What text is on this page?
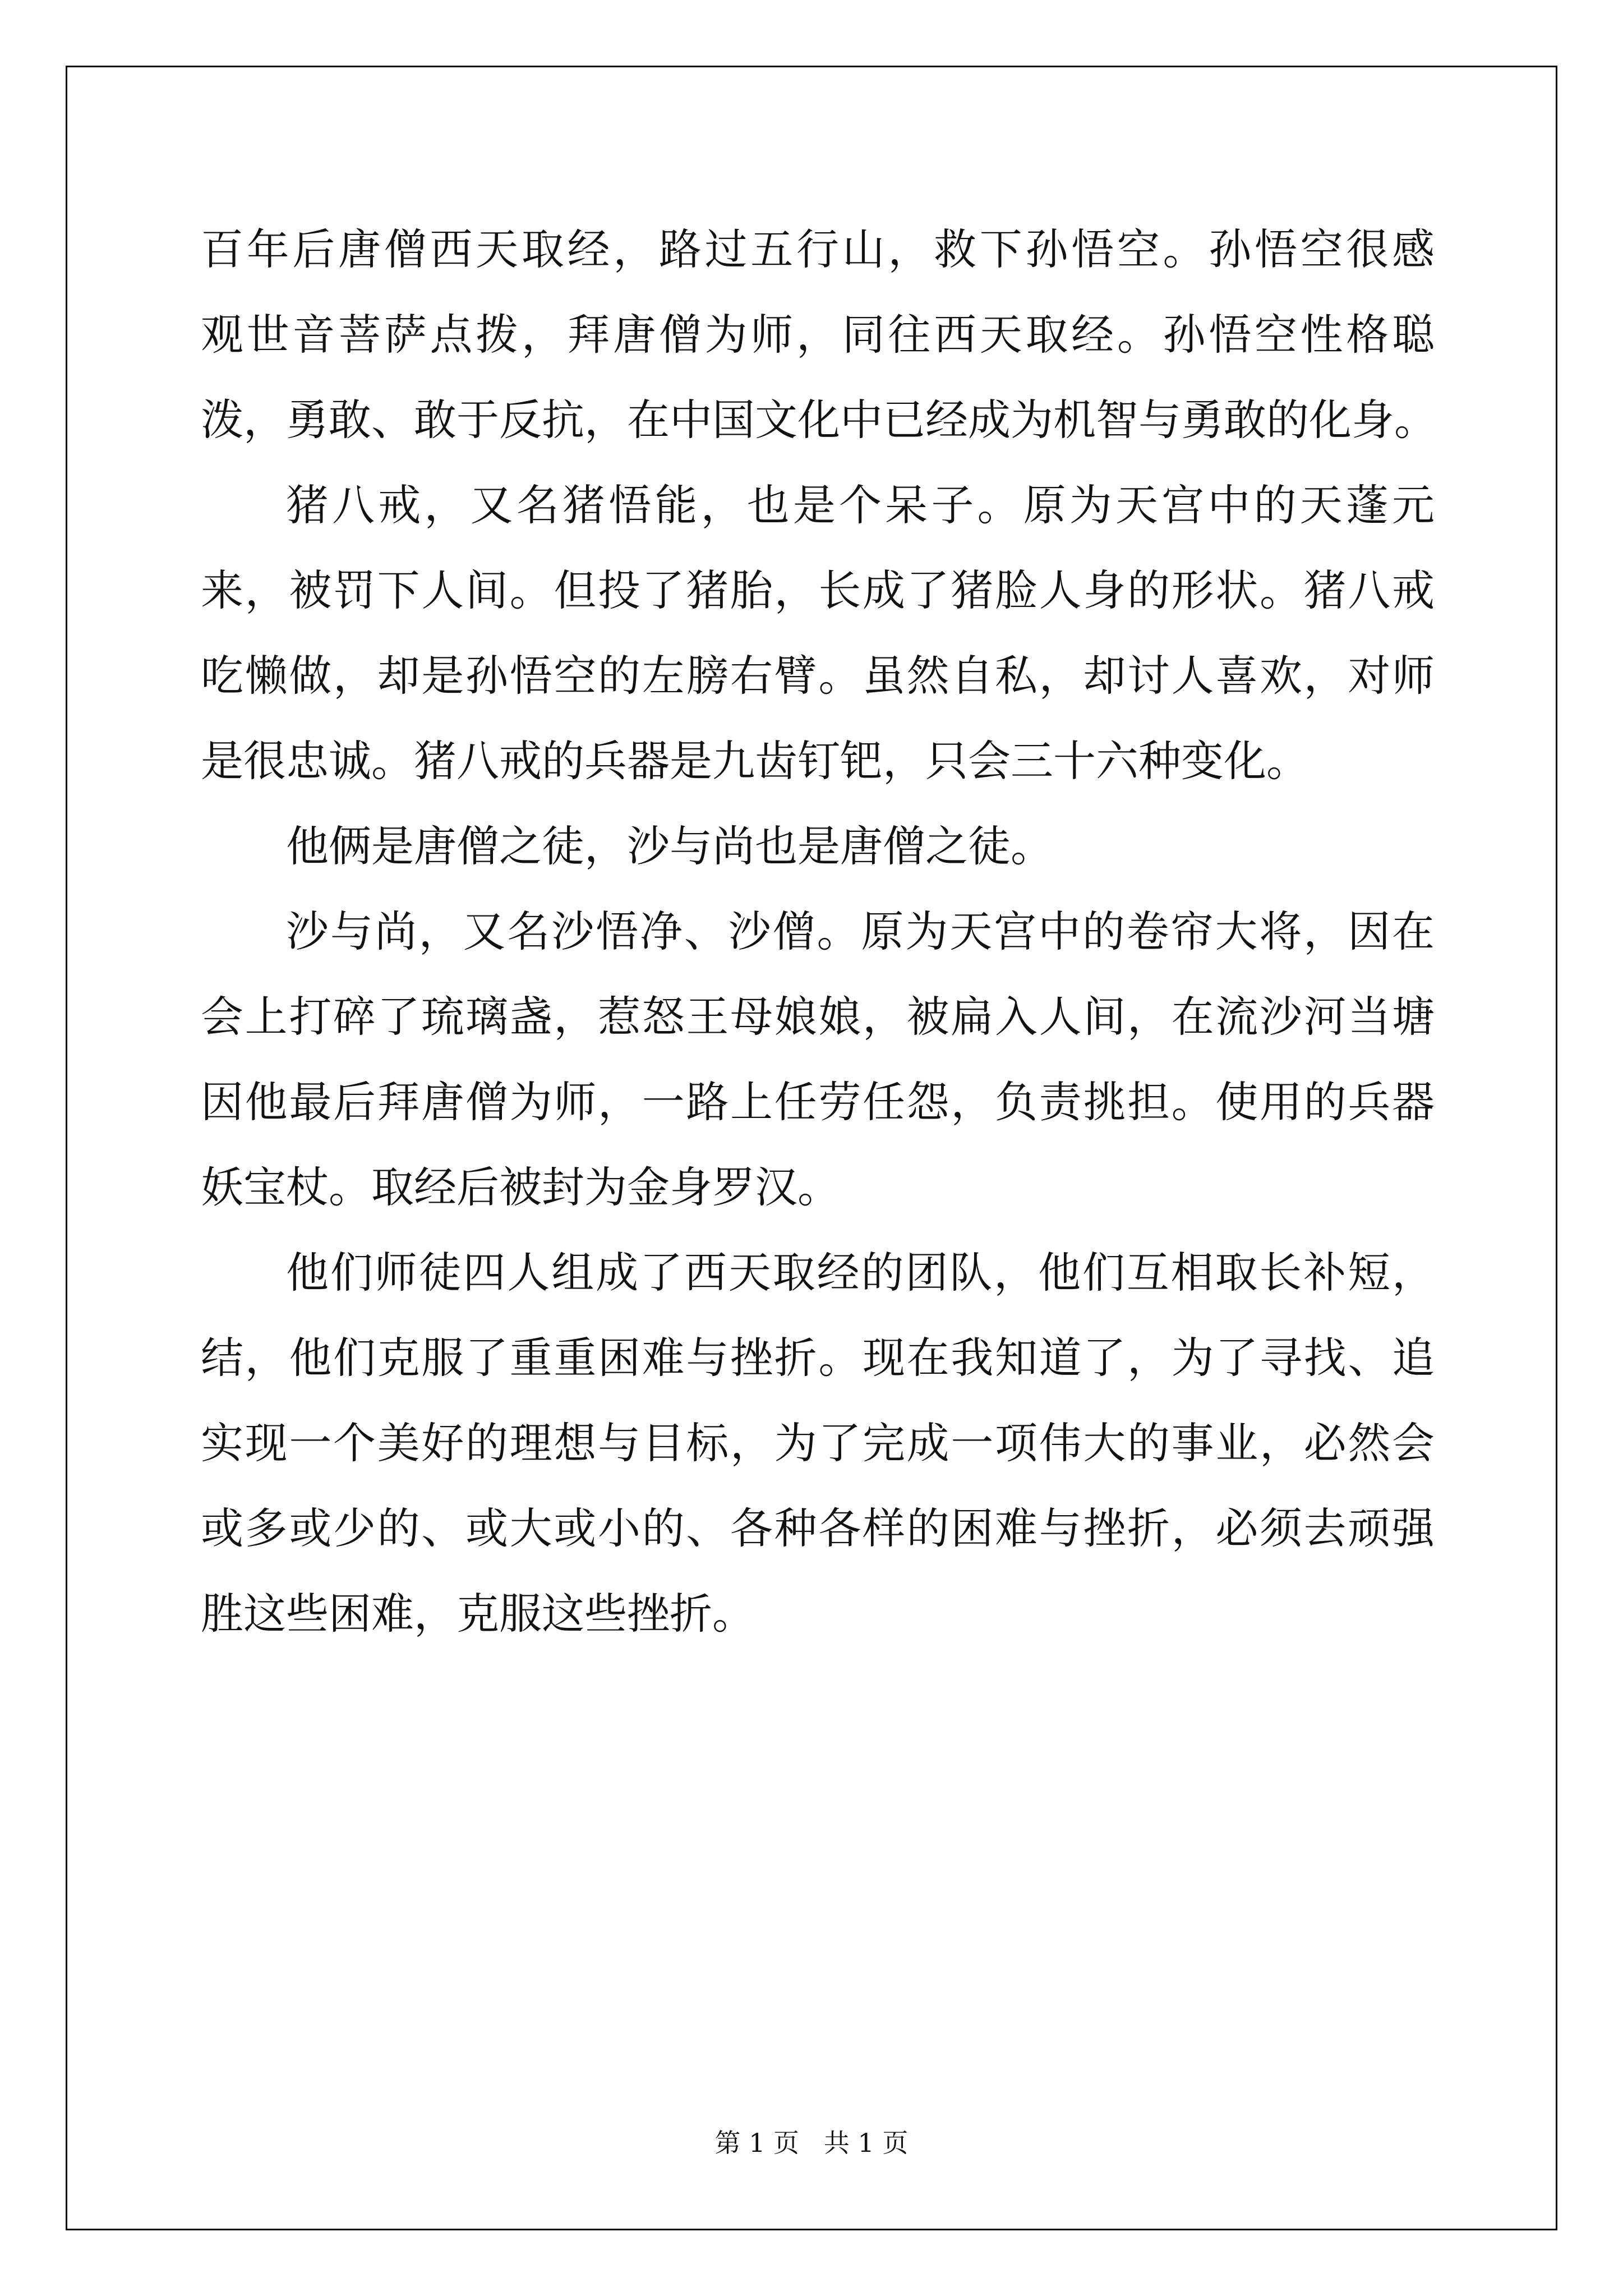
百年后唐僧西天取经，路过五行山，救下孙悟空。孙悟空很感
观世音菩萨点拨，拜唐僧为师，同往西天取经。孙悟空性格聪
泼，勇敢、敢于反抗，在中国文化中已经成为机智与勇敢的化身。
猪八戒，又名猪悟能，也是个呆子。原为天宫中的天蓬元
来，被罚下人间。但投了猪胎，长成了猪脸人身的形状。猪八戒
吃懒做，却是孙悟空的左膀右臂。虽然自私，却讨人喜欢，对师
是很忠诚。猪八戒的兵器是九齿钉钯，只会三十六种变化。
他俩是唐僧之徒，沙与尚也是唐僧之徒。
沙与尚，又名沙悟净、沙僧。原为天宫中的卷帘大将，因在
会上打碎了琉璃盏，惹怒王母娘娘，被扁入人间，在流沙河当塘
因他最后拜唐僧为师，一路上任劳任怨，负责挑担。使用的兵器
妖宝杖。取经后被封为金身罗汉。
他们师徒四人组成了西天取经的团队，他们互相取长补短，
结，他们克服了重重困难与挫折。现在我知道了，为了寻找、追
实现一个美好的理想与目标，为了完成一项伟大的事业，必然会
或多或少的、或大或小的、各种各样的困难与挫折，必须去顽强
胜这些困难，克服这些挫折。
第 1 页   共 1 页
